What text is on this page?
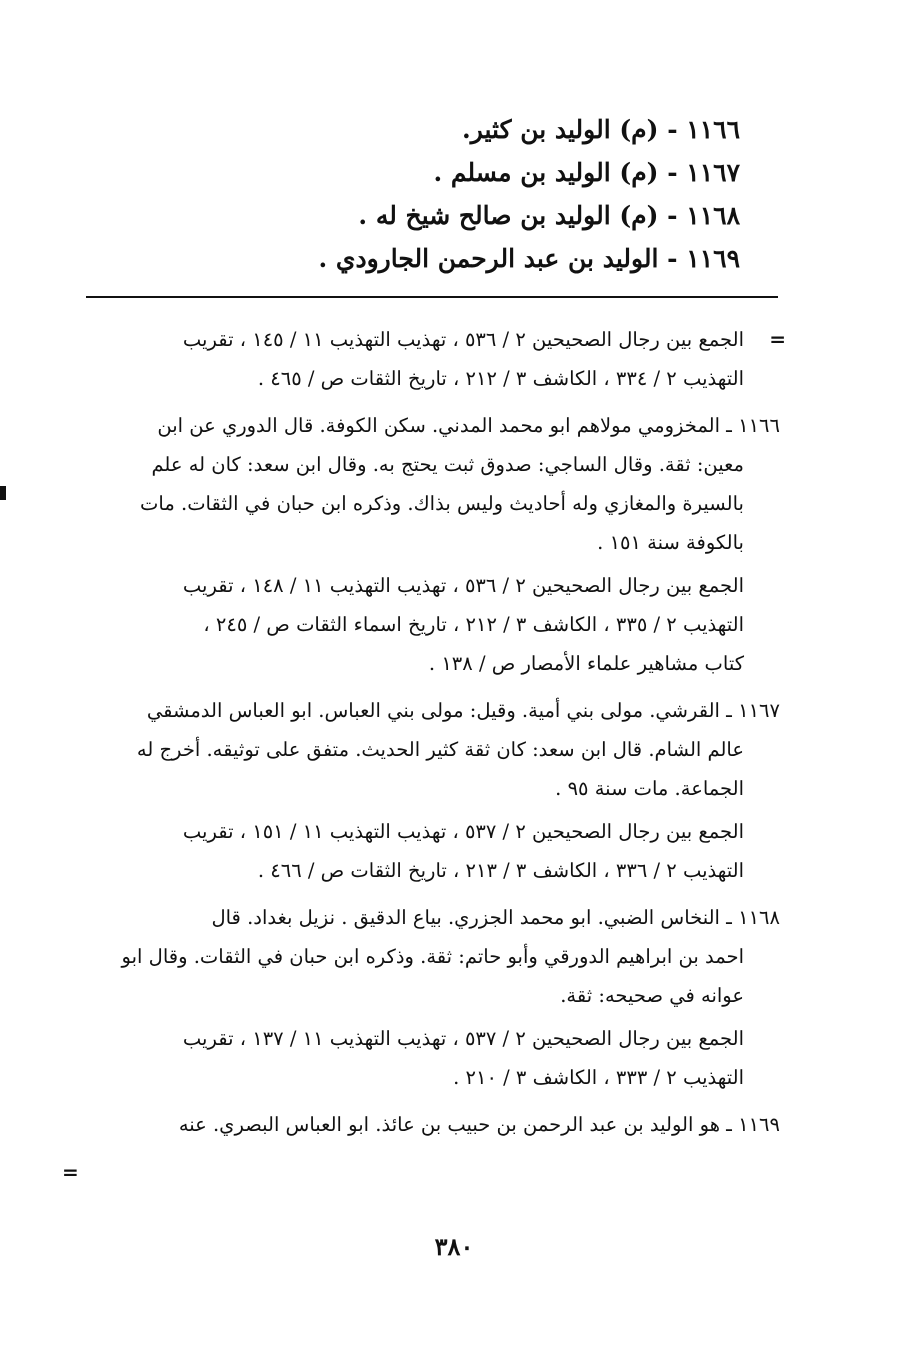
١١٦٦ - (م) الوليد بن كثير.
١١٦٧ - (م) الوليد بن مسلم .
١١٦٨ - (م) الوليد بن صالح شيخ له .
١١٦٩ - الوليد بن عبد الرحمن الجارودي .
=
الجمع بين رجال الصحيحين ٢ / ٥٣٦ ، تهذيب التهذيب ١١ / ١٤٥ ، تقريب
التهذيب ٢ / ٣٣٤ ، الكاشف ٣ / ٢١٢ ، تاريخ الثقات ص / ٤٦٥ .
١١٦٦ ـ المخزومي مولاهم ابو محمد المدني. سكن الكوفة. قال الدوري عن ابن
معين: ثقة. وقال الساجي: صدوق ثبت يحتج به. وقال ابن سعد: كان له علم
بالسيرة والمغازي وله أحاديث وليس بذاك. وذكره ابن حبان في الثقات. مات
بالكوفة سنة ١٥١ .
الجمع بين رجال الصحيحين ٢ / ٥٣٦ ، تهذيب التهذيب ١١ / ١٤٨ ، تقريب
التهذيب ٢ / ٣٣٥ ، الكاشف ٣ / ٢١٢ ، تاريخ اسماء الثقات ص / ٢٤٥ ،
كتاب مشاهير علماء الأمصار ص / ١٣٨ .
١١٦٧ ـ القرشي. مولى بني أمية. وقيل: مولى بني العباس. ابو العباس الدمشقي
عالم الشام. قال ابن سعد: كان ثقة كثير الحديث. متفق على توثيقه. أخرج له
الجماعة. مات سنة ٩٥ .
الجمع بين رجال الصحيحين ٢ / ٥٣٧ ، تهذيب التهذيب ١١ / ١٥١ ، تقريب
التهذيب ٢ / ٣٣٦ ، الكاشف ٣ / ٢١٣ ، تاريخ الثقات ص / ٤٦٦ .
١١٦٨ ـ النخاس الضبي. ابو محمد الجزري. بياع الدقيق . نزيل بغداد. قال
احمد بن ابراهيم الدورقي وأبو حاتم: ثقة. وذكره ابن حبان في الثقات. وقال ابو
عوانه في صحيحه: ثقة.
الجمع بين رجال الصحيحين ٢ / ٥٣٧ ، تهذيب التهذيب ١١ / ١٣٧ ، تقريب
التهذيب ٢ / ٣٣٣ ، الكاشف ٣ / ٢١٠ .
١١٦٩ ـ هو الوليد بن عبد الرحمن بن حبيب بن عائذ. ابو العباس البصري. عنه
=
٣٨٠
